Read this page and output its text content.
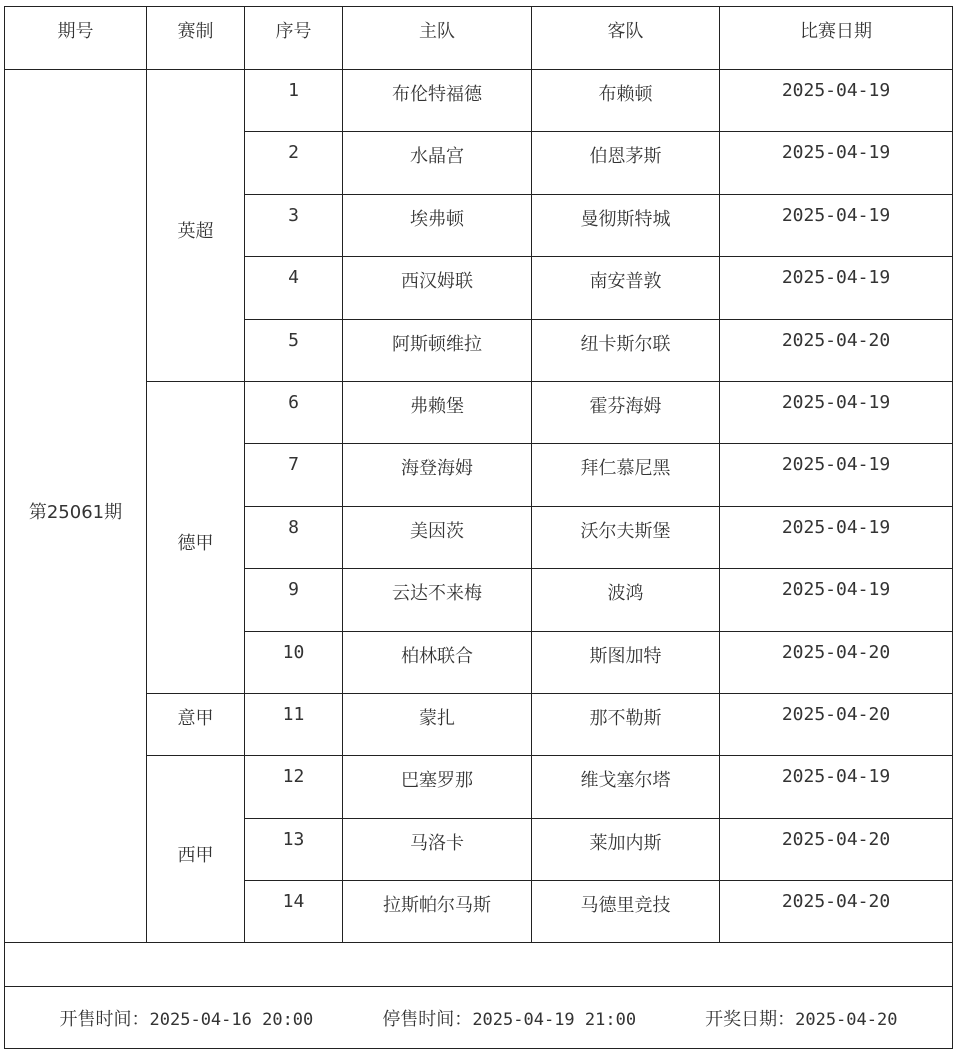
期号	赛制	序号	主队	客队	比赛日期
第25061期	英超	1	布伦特福德	布赖顿	2025-04-19
		2	水晶宫	伯恩茅斯	2025-04-19
		3	埃弗顿	曼彻斯特城	2025-04-19
		4	西汉姆联	南安普敦	2025-04-19
		5	阿斯顿维拉	纽卡斯尔联	2025-04-20
	德甲	6	弗赖堡	霍芬海姆	2025-04-19
		7	海登海姆	拜仁慕尼黑	2025-04-19
		8	美因茨	沃尔夫斯堡	2025-04-19
		9	云达不来梅	波鸿	2025-04-19
		10	柏林联合	斯图加特	2025-04-20
	意甲	11	蒙扎	那不勒斯	2025-04-20
	西甲	12	巴塞罗那	维戈塞尔塔	2025-04-19
		13	马洛卡	莱加内斯	2025-04-20
		14	拉斯帕尔马斯	马德里竞技	2025-04-20

开售时间：2025-04-16 20:00 停售时间：2025-04-19 21:00 开奖日期：2025-04-20					
